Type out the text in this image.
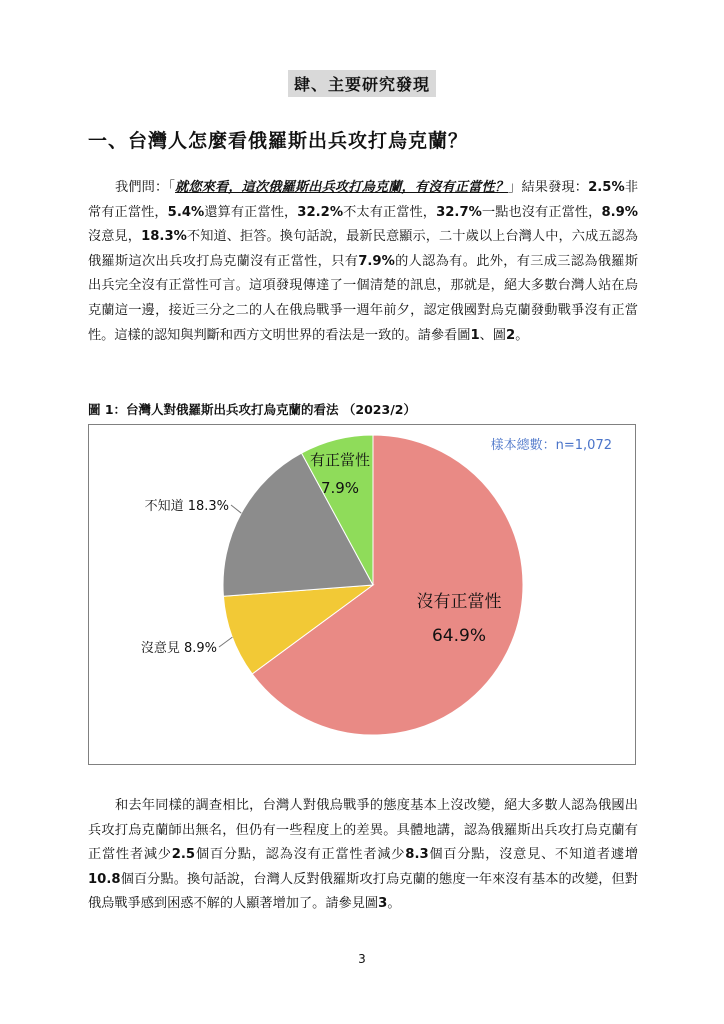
肆、主要研究發現
一、台灣人怎麼看俄羅斯出兵攻打烏克蘭？

我們問：「就您來看，這次俄羅斯出兵攻打烏克蘭，有沒有正當性？」結果發現：2.5%非常有正當性，5.4%還算有正當性，32.2%不太有正當性，32.7%一點也沒有正當性，8.9%沒意見，18.3%不知道、拒答。換句話說，最新民意顯示，二十歲以上台灣人中，六成五認為俄羅斯這次出兵攻打烏克蘭沒有正當性，只有7.9%的人認為有。此外，有三成三認為俄羅斯出兵完全沒有正當性可言。這項發現傳達了一個清楚的訊息，那就是，絕大多數台灣人站在烏克蘭這一邊，接近三分之二的人在俄烏戰爭一週年前夕，認定俄國對烏克蘭發動戰爭沒有正當性。這樣的認知與判斷和西方文明世界的看法是一致的。請參看圖1、圖2。

圖 1：台灣人對俄羅斯出兵攻打烏克蘭的看法 （2023/2）
沒有正當性
64.9%
沒意見 8.9%
不知道 18.3%
有正當性
7.9%
樣本總數：n=1,072

和去年同樣的調查相比，台灣人對俄烏戰爭的態度基本上沒改變，絕大多數人認為俄國出兵攻打烏克蘭師出無名，但仍有一些程度上的差異。具體地講，認為俄羅斯出兵攻打烏克蘭有正當性者減少2.5個百分點，認為沒有正當性者減少8.3個百分點，沒意見、不知道者遽增10.8個百分點。換句話說，台灣人反對俄羅斯攻打烏克蘭的態度一年來沒有基本的改變，但對俄烏戰爭感到困惑不解的人顯著增加了。請參見圖3。

3
